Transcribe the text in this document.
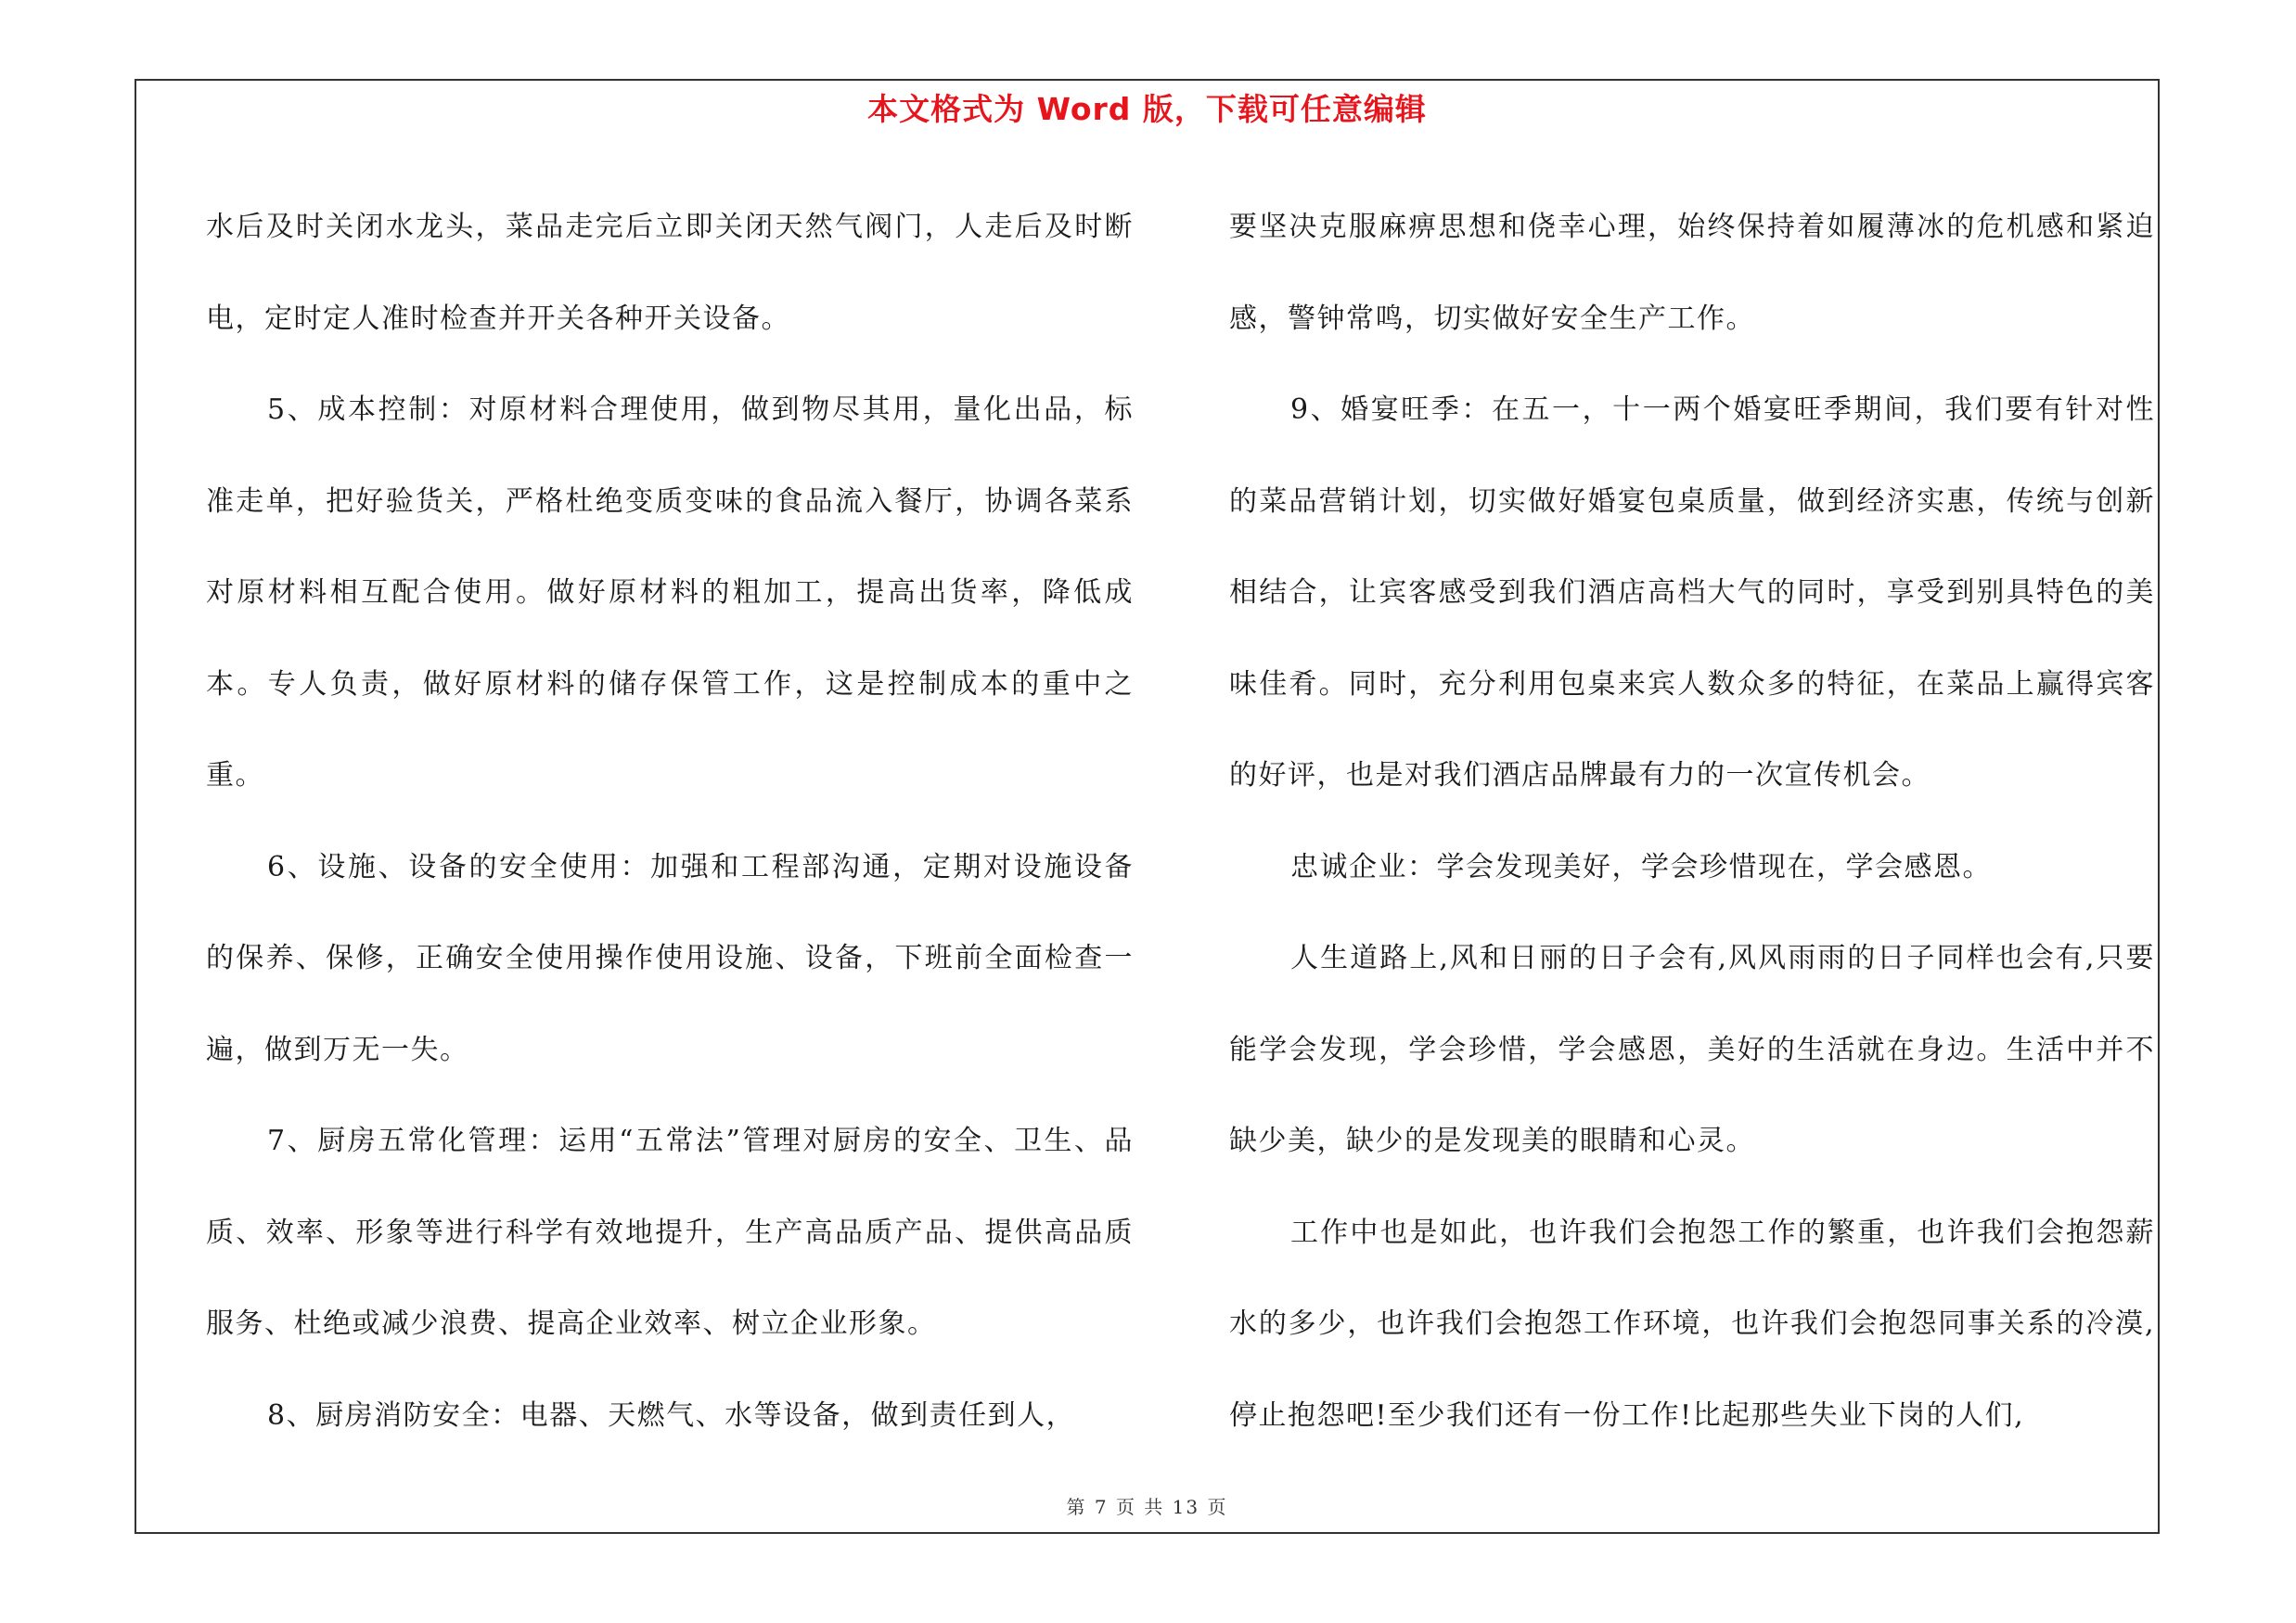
本文格式为 Word 版，下载可任意编辑

水后及时关闭水龙头，菜品走完后立即关闭天然气阀门，人走后及时断电，定时定人准时检查并开关各种开关设备。

5、成本控制：对原材料合理使用，做到物尽其用，量化出品，标准走单，把好验货关，严格杜绝变质变味的食品流入餐厅，协调各菜系对原材料相互配合使用。做好原材料的粗加工，提高出货率，降低成本。专人负责，做好原材料的储存保管工作，这是控制成本的重中之重。

6、设施、设备的安全使用：加强和工程部沟通，定期对设施设备的保养、保修，正确安全使用操作使用设施、设备，下班前全面检查一遍，做到万无一失。

7、厨房五常化管理：运用“五常法”管理对厨房的安全、卫生、品质、效率、形象等进行科学有效地提升，生产高品质产品、提供高品质服务、杜绝或减少浪费、提高企业效率、树立企业形象。

8、厨房消防安全：电器、天燃气、水等设备，做到责任到人，

要坚决克服麻痹思想和侥幸心理，始终保持着如履薄冰的危机感和紧迫感，警钟常鸣，切实做好安全生产工作。

9、婚宴旺季：在五一，十一两个婚宴旺季期间，我们要有针对性的菜品营销计划，切实做好婚宴包桌质量，做到经济实惠，传统与创新相结合，让宾客感受到我们酒店高档大气的同时，享受到别具特色的美味佳肴。同时，充分利用包桌来宾人数众多的特征，在菜品上赢得宾客的好评，也是对我们酒店品牌最有力的一次宣传机会。

忠诚企业：学会发现美好，学会珍惜现在，学会感恩。

人生道路上,风和日丽的日子会有,风风雨雨的日子同样也会有,只要能学会发现，学会珍惜，学会感恩，美好的生活就在身边。生活中并不缺少美，缺少的是发现美的眼睛和心灵。

工作中也是如此，也许我们会抱怨工作的繁重，也许我们会抱怨薪水的多少，也许我们会抱怨工作环境，也许我们会抱怨同事关系的冷漠,停止抱怨吧!至少我们还有一份工作!比起那些失业下岗的人们,

第 7 页 共 13 页
